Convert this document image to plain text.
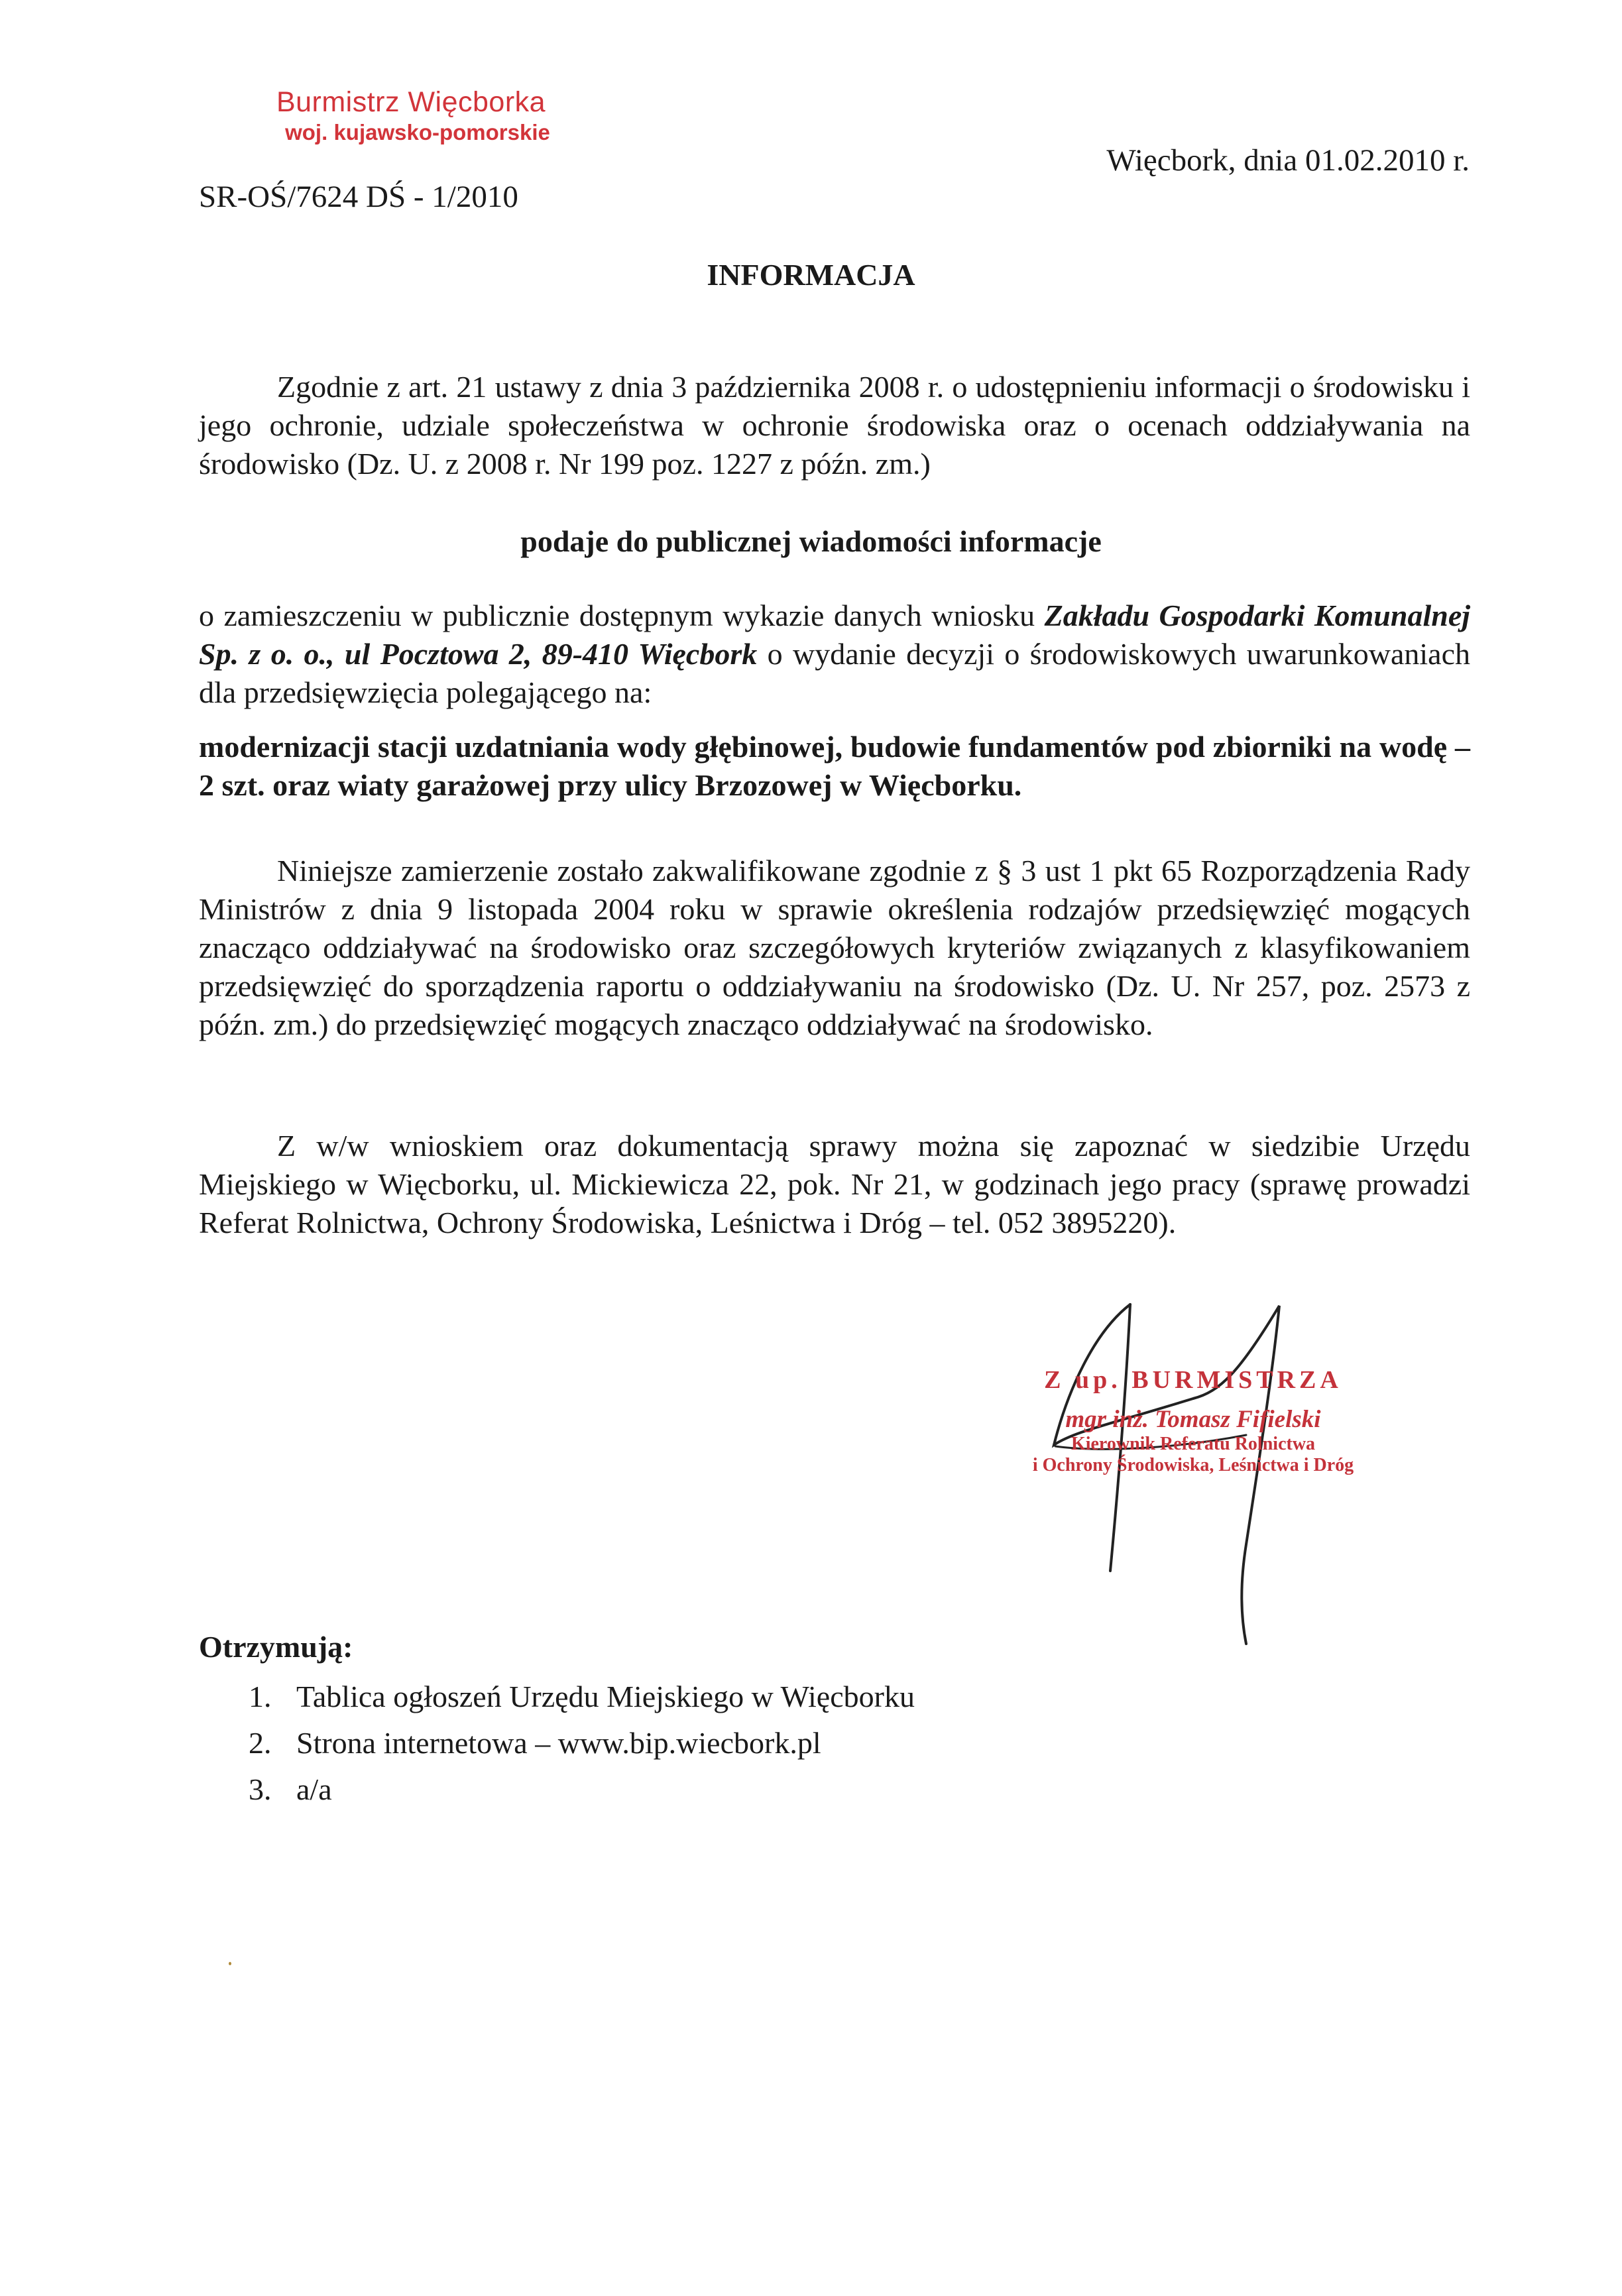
Burmistrz Więcborka
woj. kujawsko-pomorskie
Więcbork, dnia 01.02.2010 r.
SR-OŚ/7624 DŚ - 1/2010
INFORMACJA

Zgodnie z art. 21 ustawy z dnia 3 października 2008 r. o udostępnieniu informacji o środowisku i jego ochronie, udziale społeczeństwa w ochronie środowiska oraz o ocenach oddziaływania na środowisko (Dz. U. z 2008 r. Nr 199 poz. 1227 z późn. zm.)

podaje do publicznej wiadomości informacje

o zamieszczeniu w publicznie dostępnym wykazie danych wniosku Zakładu Gospodarki Komunalnej Sp. z o. o., ul Pocztowa 2, 89-410 Więcbork o wydanie decyzji o środowiskowych uwarunkowaniach dla przedsięwzięcia polegającego na:

modernizacji stacji uzdatniania wody głębinowej, budowie fundamentów pod zbiorniki na wodę – 2 szt. oraz wiaty garażowej przy ulicy Brzozowej w Więcborku.

Niniejsze zamierzenie zostało zakwalifikowane zgodnie z § 3 ust 1 pkt 65 Rozporządzenia Rady Ministrów z dnia 9 listopada 2004 roku w sprawie określenia rodzajów przedsięwzięć mogących znacząco oddziaływać na środowisko oraz szczegółowych kryteriów związanych z klasyfikowaniem przedsięwzięć do sporządzenia raportu o oddziaływaniu na środowisko (Dz. U. Nr 257, poz. 2573 z późn. zm.) do przedsięwzięć mogących znacząco oddziaływać na środowisko.

Z w/w wnioskiem oraz dokumentacją sprawy można się zapoznać w siedzibie Urzędu Miejskiego w Więcborku, ul. Mickiewicza 22, pok. Nr 21, w godzinach jego pracy (sprawę prowadzi Referat Rolnictwa, Ochrony Środowiska, Leśnictwa i Dróg – tel. 052 3895220).

Z up. BURMISTRZA
mgr inż. Tomasz Fifielski
Kierownik Referatu Rolnictwa
i Ochrony Środowiska, Leśnictwa i Dróg
Otrzymują:
1. Tablica ogłoszeń Urzędu Miejskiego w Więcborku
2. Strona internetowa – www.bip.wiecbork.pl
3. a/a
